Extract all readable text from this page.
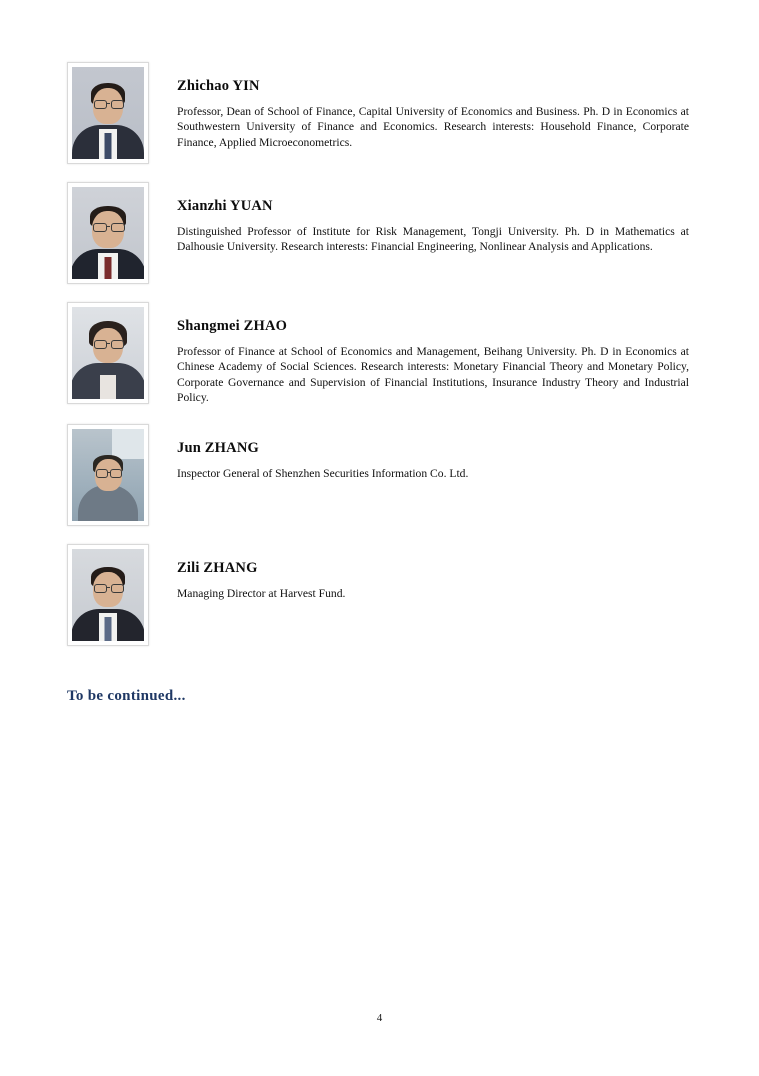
Zhichao YIN

Professor, Dean of School of Finance, Capital University of Economics and Business. Ph. D in Economics at Southwestern University of Finance and Economics. Research interests: Household Finance, Corporate Finance, Applied Microeconometrics.

Xianzhi YUAN

Distinguished Professor of Institute for Risk Management, Tongji University. Ph. D in Mathematics at Dalhousie University. Research interests: Financial Engineering, Nonlinear Analysis and Applications.

Shangmei ZHAO

Professor of Finance at School of Economics and Management, Beihang University. Ph. D in Economics at Chinese Academy of Social Sciences. Research interests: Monetary Financial Theory and Monetary Policy, Corporate Governance and Supervision of Financial Institutions, Insurance Industry Theory and Industrial Policy.

Jun ZHANG

Inspector General of Shenzhen Securities Information Co. Ltd.

Zili ZHANG

Managing Director at Harvest Fund.

To be continued...
4
